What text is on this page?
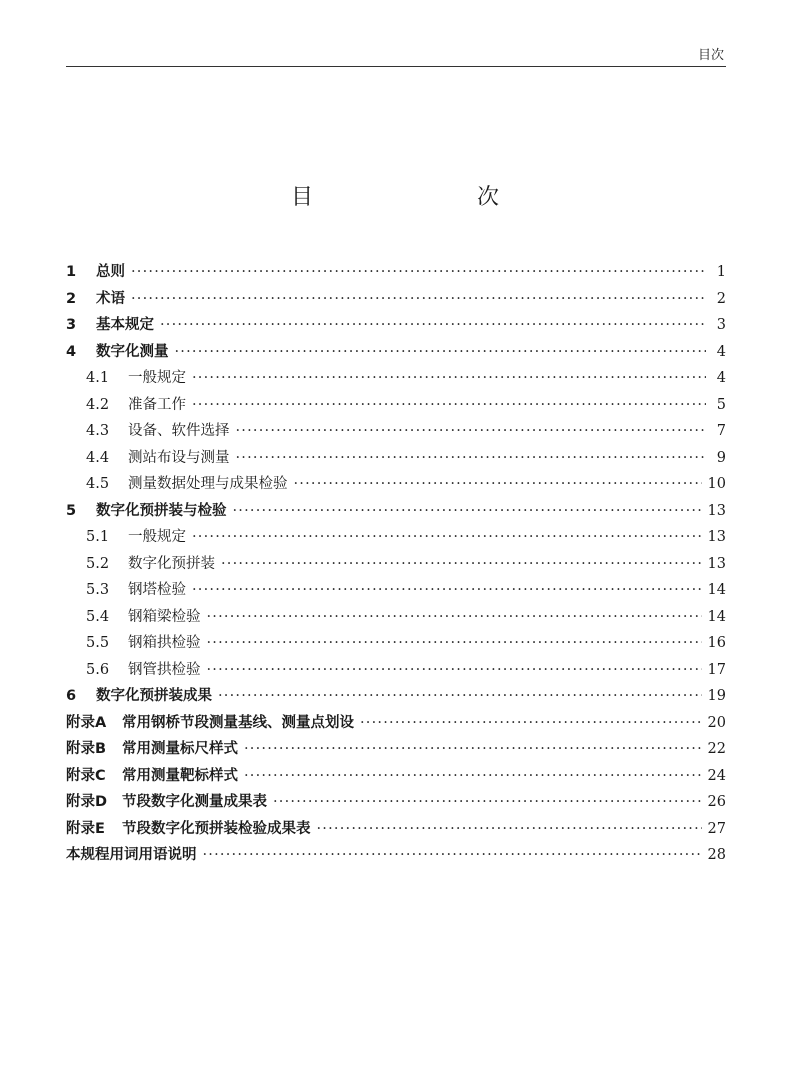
目次
目　　次
1	总则 ·····	1
2	术语 ·····	2
3	基本规定 ·····	3
4	数字化测量 ·····	4
4.1	一般规定 ·····	4
4.2	准备工作 ·····	5
4.3	设备、软件选择 ·····	7
4.4	测站布设与测量 ·····	9
4.5	测量数据处理与成果检验 ·····	10
5	数字化预拼装与检验 ·····	13
5.1	一般规定 ·····	13
5.2	数字化预拼装 ·····	13
5.3	钢塔检验 ·····	14
5.4	钢箱梁检验 ·····	14
5.5	钢箱拱检验 ·····	16
5.6	钢管拱检验 ·····	17
6	数字化预拼装成果 ·····	19
附录A	常用钢桥节段测量基线、测量点划设 ·····	20
附录B	常用测量标尺样式 ·····	22
附录C	常用测量靶标样式 ·····	24
附录D	节段数字化测量成果表 ·····	26
附录E	节段数字化预拼装检验成果表 ·····	27
本规程用词用语说明 ·····	28
